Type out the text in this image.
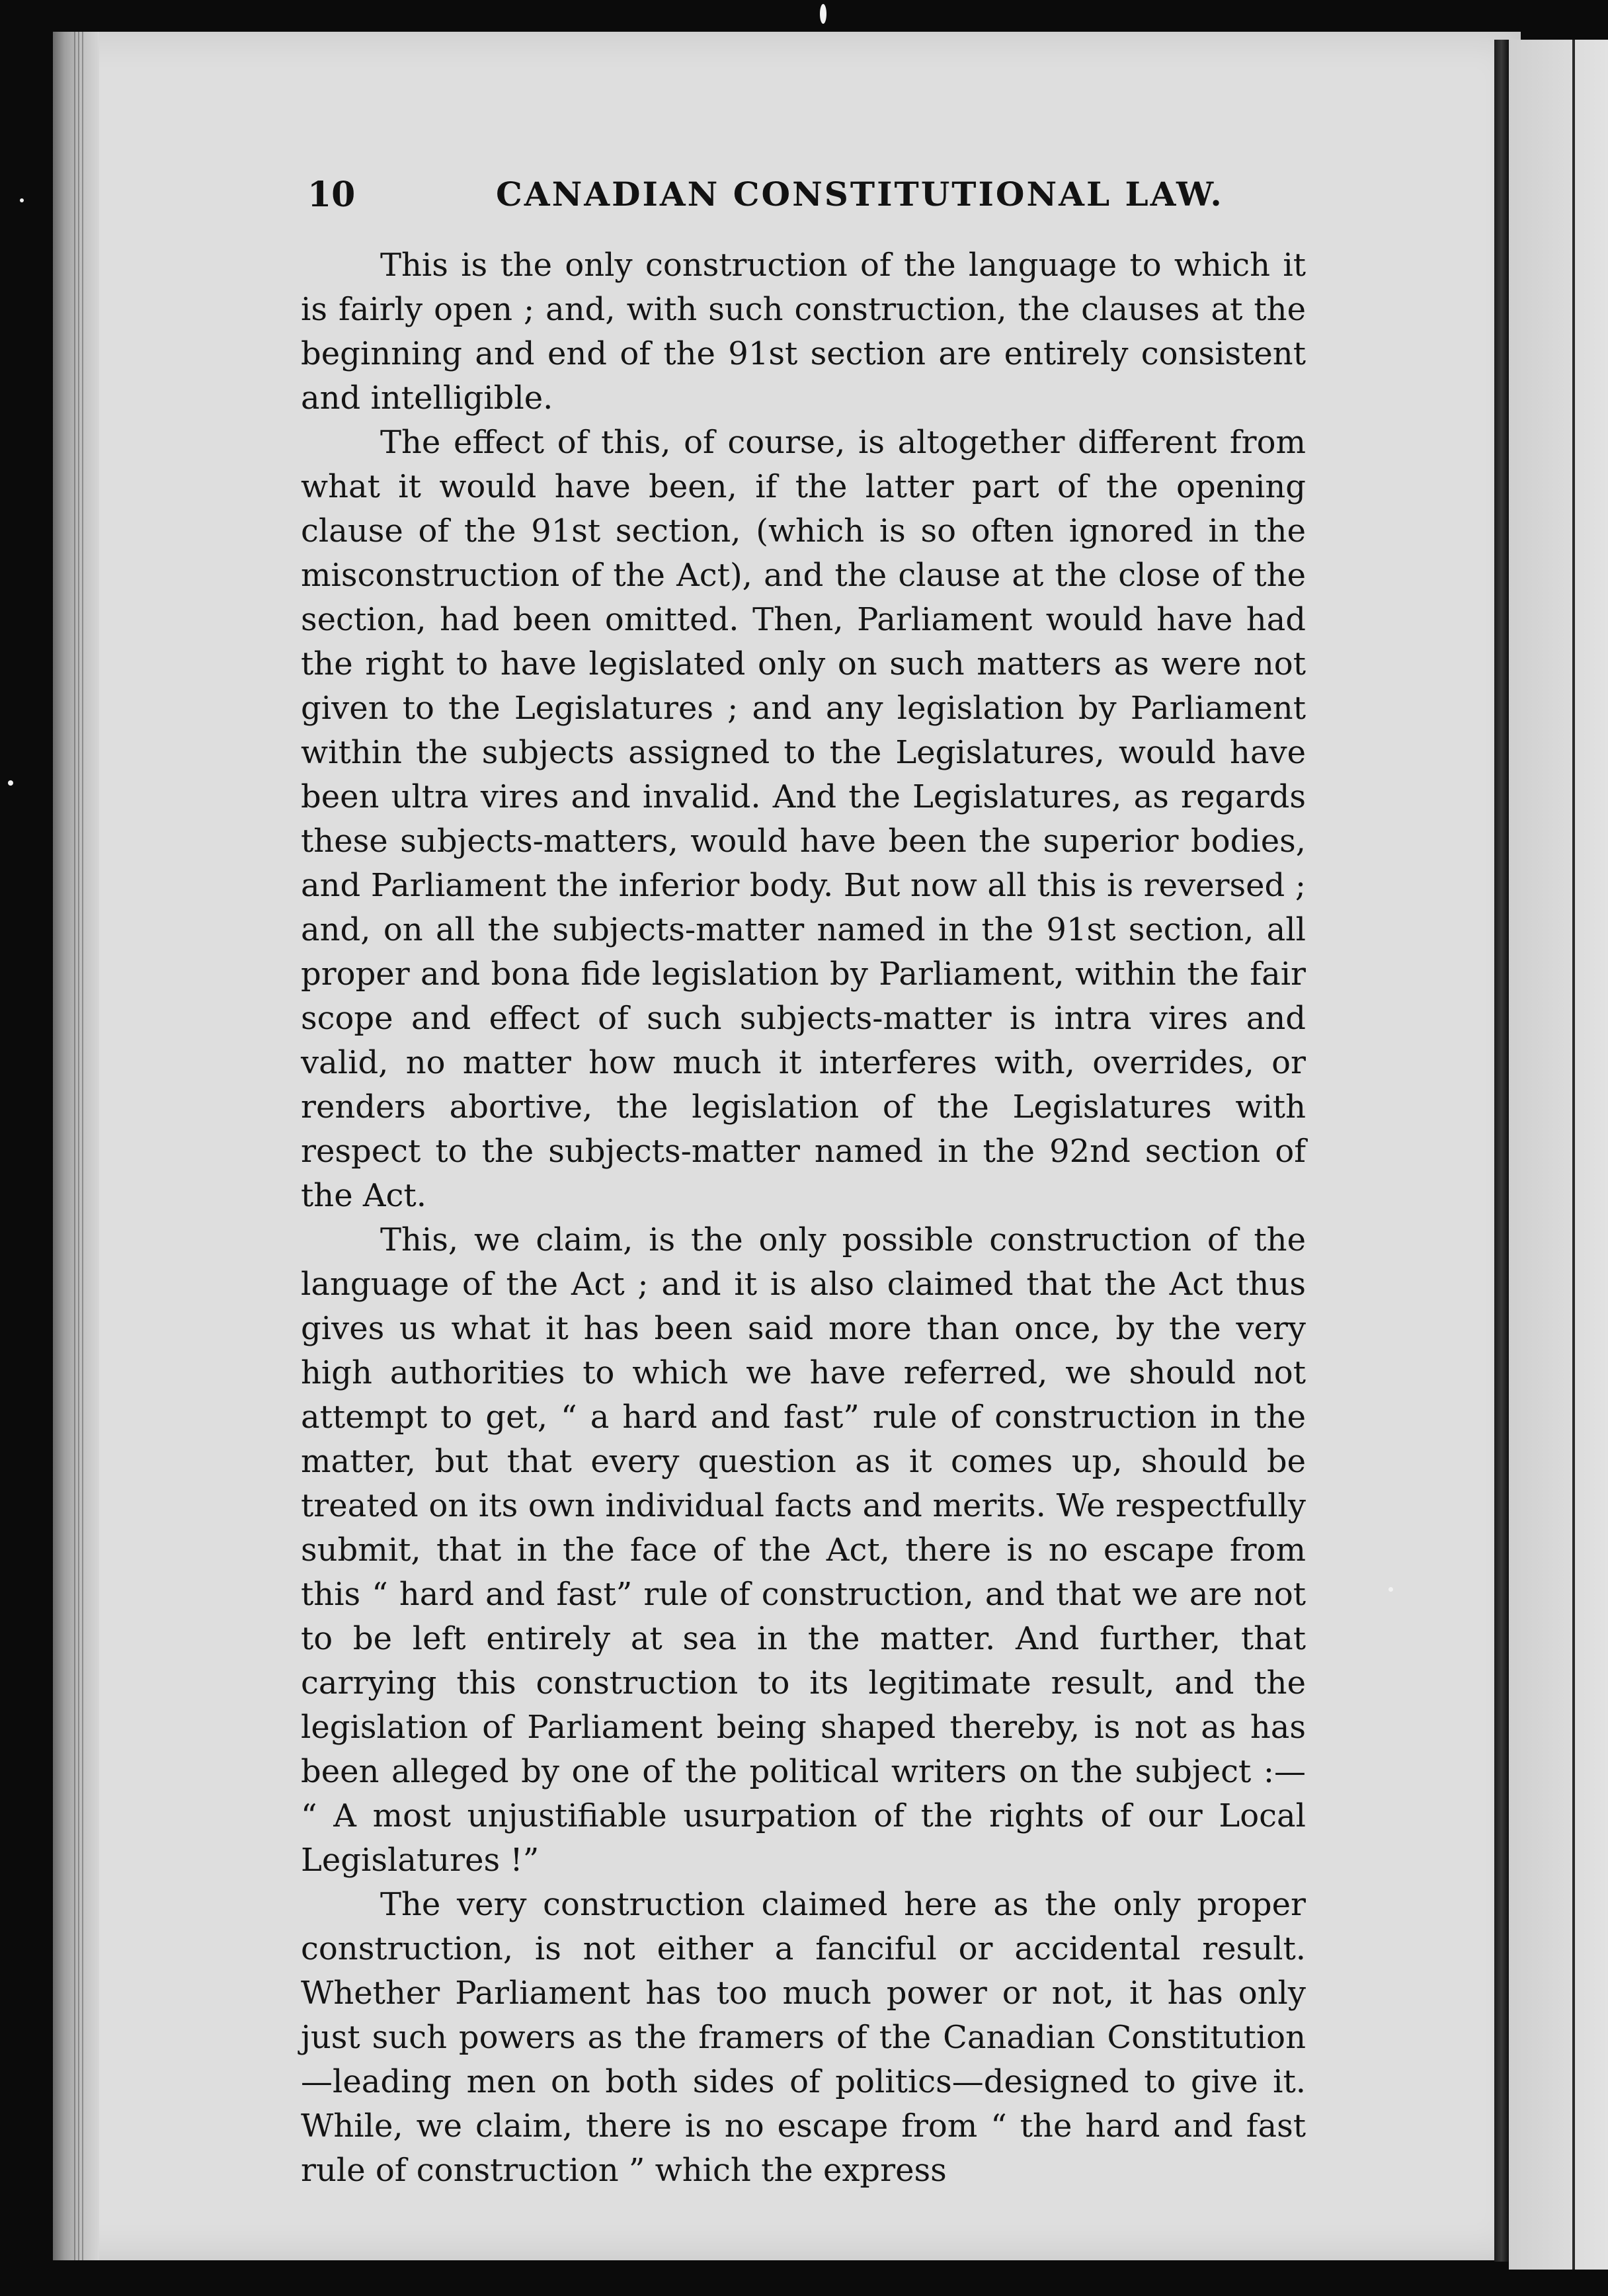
10	CANADIAN CONSTITUTIONAL LAW.

This is the only construction of the language to which it is fairly open ; and, with such construction, the clauses at the beginning and end of the 91st section are entirely consistent and intelligible.

The effect of this, of course, is altogether different from what it would have been, if the latter part of the opening clause of the 91st section, (which is so often ignored in the misconstruction of the Act), and the clause at the close of the section, had been omitted. Then, Parliament would have had the right to have legislated only on such matters as were not given to the Legislatures ; and any legislation by Parliament within the subjects assigned to the Legislatures, would have been ultra vires and invalid. And the Legislatures, as regards these subjects-matters, would have been the superior bodies, and Parliament the inferior body. But now all this is reversed ; and, on all the subjects-matter named in the 91st section, all proper and bona fide legislation by Parliament, within the fair scope and effect of such subjects-matter is intra vires and valid, no matter how much it interferes with, overrides, or renders abortive, the legislation of the Legislatures with respect to the subjects-matter named in the 92nd section of the Act.

This, we claim, is the only possible construction of the language of the Act ; and it is also claimed that the Act thus gives us what it has been said more than once, by the very high authorities to which we have referred, we should not attempt to get, “ a hard and fast” rule of construction in the matter, but that every question as it comes up, should be treated on its own individual facts and merits. We respectfully submit, that in the face of the Act, there is no escape from this “ hard and fast” rule of construction, and that we are not to be left entirely at sea in the matter. And further, that carrying this construction to its legitimate result, and the legislation of Parliament being shaped thereby, is not as has been alleged by one of the political writers on the subject :— “ A most unjustifiable usurpation of the rights of our Local Legislatures !”

The very construction claimed here as the only proper construction, is not either a fanciful or accidental result. Whether Parliament has too much power or not, it has only just such powers as the framers of the Canadian Constitution—leading men on both sides of politics—designed to give it. While, we claim, there is no escape from “ the hard and fast rule of construction ” which the express
